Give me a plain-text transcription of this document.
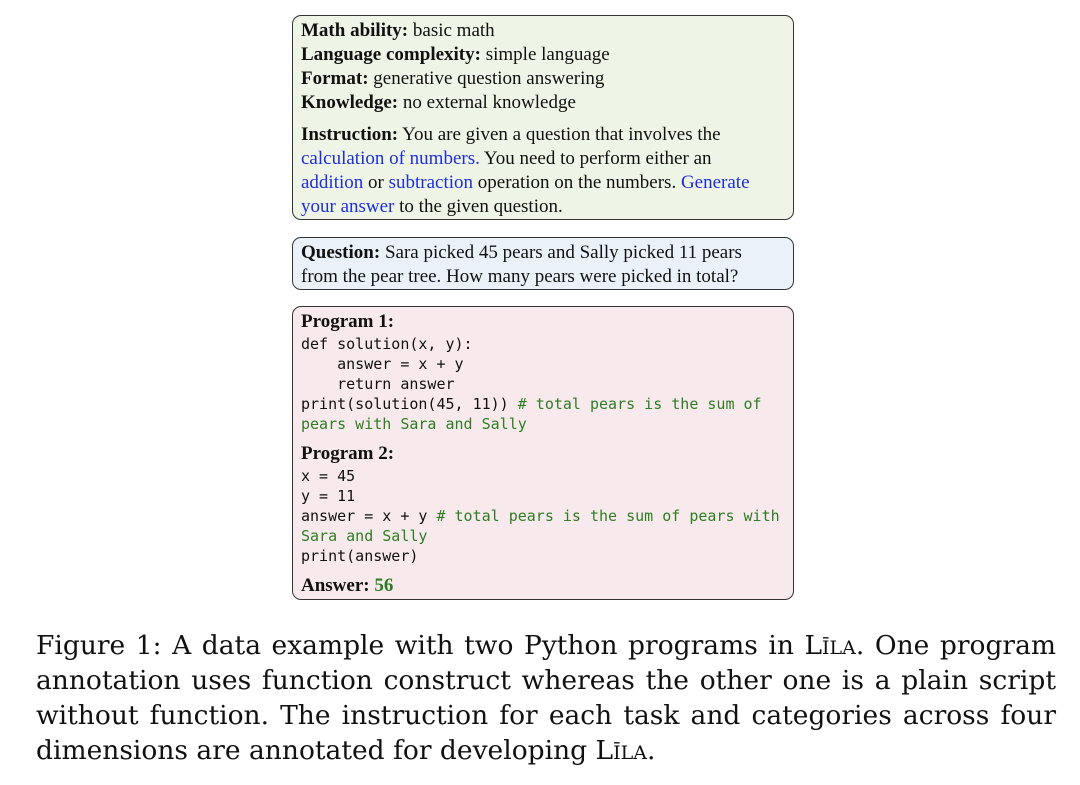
Math ability: basic math
Language complexity: simple language
Format: generative question answering
Knowledge: no external knowledge
Instruction: You are given a question that involves the
calculation of numbers. You need to perform either an
addition or subtraction operation on the numbers. Generate
your answer to the given question.
Question: Sara picked 45 pears and Sally picked 11 pears
from the pear tree. How many pears were picked in total?
Program 1:
def solution(x, y):
answer = x + y
return answer
print(solution(45, 11)) # total pears is the sum of
pears with Sara and Sally
Program 2:
x = 45
y = 11
answer = x + y # total pears is the sum of pears with
Sara and Sally
print(answer)
Answer: 56
Figure 1: A data example with two Python programs in Līla. One program annotation uses function construct whereas the other one is a plain script without function. The instruction for each task and categories across four dimensions are annotated for developing Līla.
